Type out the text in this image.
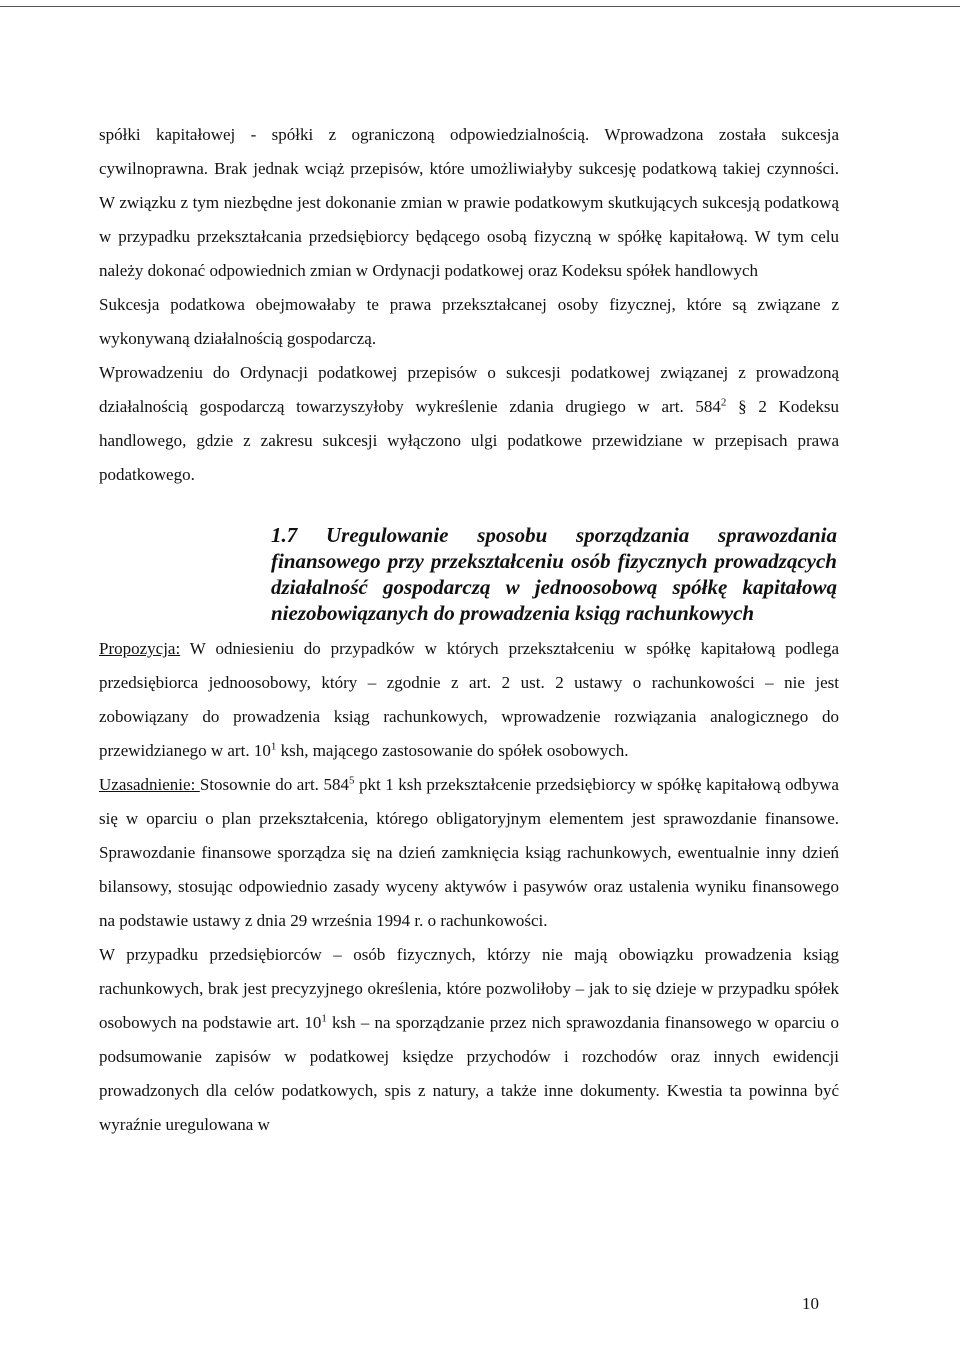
spółki kapitałowej - spółki z ograniczoną odpowiedzialnością. Wprowadzona została sukcesja cywilnoprawna. Brak jednak wciąż przepisów, które umożliwiałyby sukcesję podatkową takiej czynności. W związku z tym niezbędne jest dokonanie zmian w prawie podatkowym skutkujących sukcesją podatkową w przypadku przekształcania przedsiębiorcy będącego osobą fizyczną w spółkę kapitałową. W tym celu należy dokonać odpowiednich zmian w Ordynacji podatkowej oraz Kodeksu spółek handlowych

Sukcesja podatkowa obejmowałaby te prawa przekształcanej osoby fizycznej, które są związane z wykonywaną działalnością gospodarczą.

Wprowadzeniu do Ordynacji podatkowej przepisów o sukcesji podatkowej związanej z prowadzoną działalnością gospodarczą towarzyszyłoby wykreślenie zdania drugiego w art. $584^2$ § 2 Kodeksu handlowego, gdzie z zakresu sukcesji wyłączono ulgi podatkowe przewidziane w przepisach prawa podatkowego.

1.7 Uregulowanie sposobu sporządzania sprawozdania finansowego przy przekształceniu osób fizycznych prowadzących działalność gospodarczą w jednoosobową spółkę kapitałową niezobowiązanych do prowadzenia ksiąg rachunkowych

Propozycja: W odniesieniu do przypadków w których przekształceniu w spółkę kapitałową podlega przedsiębiorca jednoosobowy, który – zgodnie z art. 2 ust. 2 ustawy o rachunkowości – nie jest zobowiązany do prowadzenia ksiąg rachunkowych, wprowadzenie rozwiązania analogicznego do przewidzianego w art. $10^1$ ksh, mającego zastosowanie do spółek osobowych.

Uzasadnienie: Stosownie do art. $584^5$ pkt 1 ksh przekształcenie przedsiębiorcy w spółkę kapitałową odbywa się w oparciu o plan przekształcenia, którego obligatoryjnym elementem jest sprawozdanie finansowe. Sprawozdanie finansowe sporządza się na dzień zamknięcia ksiąg rachunkowych, ewentualnie inny dzień bilansowy, stosując odpowiednio zasady wyceny aktywów i pasywów oraz ustalenia wyniku finansowego na podstawie ustawy z dnia 29 września 1994 r. o rachunkowości.

W przypadku przedsiębiorców – osób fizycznych, którzy nie mają obowiązku prowadzenia ksiąg rachunkowych, brak jest precyzyjnego określenia, które pozwoliłoby – jak to się dzieje w przypadku spółek osobowych na podstawie art. $10^1$ ksh – na sporządzanie przez nich sprawozdania finansowego w oparciu o podsumowanie zapisów w podatkowej księdze przychodów i rozchodów oraz innych ewidencji prowadzonych dla celów podatkowych, spis z natury, a także inne dokumenty. Kwestia ta powinna być wyraźnie uregulowana w

10
